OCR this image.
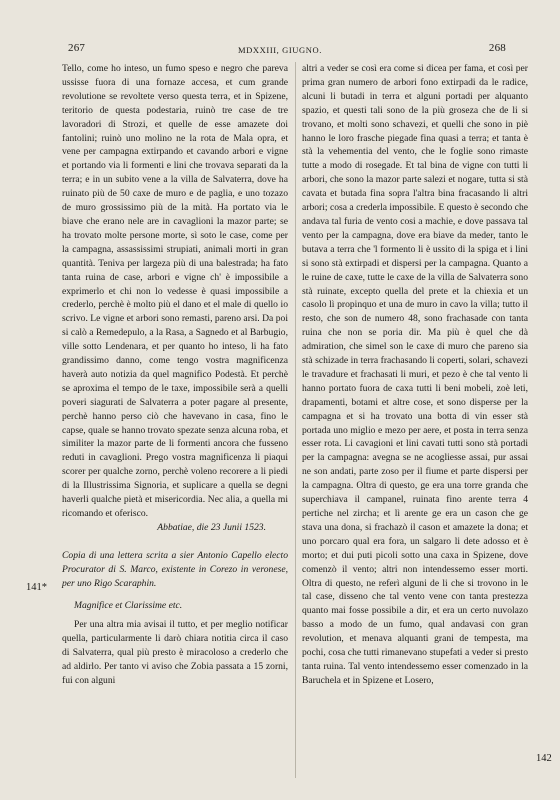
267	MDXXIII, GIUGNO.	268

Tello, come ho inteso, un fumo speso e negro che pareva ussisse fuora di una fornaze accesa, et cum grande revolutione se revoltete verso questa terra, et in Spizene, teritorio de questa podestaria, ruinò tre case de tre lavoradori di Strozi, et quelle de esse amazete doi fantolini; ruinò uno molino ne la rota de Mala opra, et vene per campagna extirpando et cavando arbori e vigne et portando via li formenti e lini che trovava separati da la terra; e in un subito vene a la villa de Salvaterra, dove ha ruinato più de 50 caxe de muro e de paglia, e uno tozazo de muro grossissimo più de la mità. Ha portato via le biave che erano nele are in cavaglioni la mazor parte; se ha trovato molte persone morte, sì soto le case, come per la campagna, assassissimi strupiati, animali morti in gran quantità. Teniva per largeza più di una balestrada; ha fato tanta ruina de case, arbori e vigne ch' è impossibile a exprimerlo et chi non lo vedesse è quasi impossibile a crederlo, perchè è molto più el dano et el male di quello io scrivo. Le vigne et arbori sono remasti, pareno arsi. Da poi si calò a Remedepulo, a la Rasa, a Sagnedo et al Barbugio, ville sotto Lendenara, et per quanto ho inteso, li ha fato grandissimo danno, come tengo vostra magnificenza haverà auto notizia da quel magnifico Podestà. Et perchè se aproxima el tempo de le taxe, impossibile serà a quelli poveri siagurati de Salvaterra a poter pagare al presente, perchè hanno perso ciò che havevano in casa, fino le capse, quale se hanno trovato spezate senza alcuna roba, et similiter la mazor parte de li formenti ancora che fusseno reduti in cavaglioni. Prego vostra magnificenza li piaqui scorer per qualche zorno, perchè voleno recorere a li piedi di la Illustrissima Signoria, et suplicare a quella se degni haverli qualche pietà et misericordia. Nec alia, a quella mi ricomando et oferisco.

Abbatiae, die 23 Junii 1523.

Copia di una lettera scrita a sier Antonio Capello electo Procurator di S. Marco, existente in Corezo in veronese, per uno Rigo Scaraphin.

Magnifice et Clarissime etc.

Per una altra mia avisai il tutto, et per meglio notificar quella, particularmente li darò chiara notitia circa il caso di Salvaterra, qual più presto è miracoloso a crederlo che ad aldirlo. Per tanto vi aviso che Zobia passata a 15 zorni, fui con alguni

altri a veder se così era come si dicea per fama, et così per prima gran numero de arbori fono extirpadi da le radice, alcuni li butadi in terra et alguni portadi per alquanto spazio, et questi tali sono de la più groseza che de li si trovano, et molti sono schavezi, et quelli che sono in piè hanno le loro frasche piegade fina quasi a terra; et tanta è stà la vehementia del vento, che le foglie sono rimaste tutte a modo di rosegade. Et tal bina de vigne con tutti li arbori, che sono la mazor parte salezi et nogare, tutta si stà cavata et butada fina sopra l'altra bina fracasando li altri arbori; cosa a crederla impossibile. E questo è secondo che andava tal furia de vento cosi a machie, e dove passava tal vento per la campagna, dove era biave da meder, tanto le butava a terra che 'l formento li è ussito di la spiga et i lini si sono stà extirpadi et dispersi per la campagna. Quanto a le ruine de caxe, tutte le caxe de la villa de Salvaterra sono stà ruinate, excepto quella del prete et la chiexia et un casolo lì propinquo et una de muro in cavo la villa; tutto il resto, che son de numero 48, sono frachasade con tanta ruina che non se poria dir. Ma più è quel che dà admiration, che simel son le caxe di muro che pareno sia stà schizade in terra frachasando li coperti, solari, schavezi le travadure et frachasati li muri, et pezo è che tal vento li hanno portato fuora de caxa tutti li beni mobeli, zoè leti, drapamenti, botami et altre cose, et sono disperse per la campagna et si ha trovato una botta di vin esser stà portada uno miglio e mezo per aere, et posta in terra senza esser rota. Li cavagioni et lini cavati tutti sono stà portadi per la campagna: avegna se ne acogliesse assai, pur assai ne son andati, parte zoso per il fiume et parte dispersi per la campagna. Oltra di questo, ge era una torre granda che superchiava il campanel, ruinata fino arente terra 4 pertiche nel zircha; et lì arente ge era un cason che ge stava una dona, si frachazò il cason et amazete la dona; et uno porcaro qual era fora, un salgaro li dete adosso et è morto; et dui puti picoli sotto una caxa in Spizene, dove comenzò il vento; altri non intendessemo esser morti. Oltra di questo, ne referì alguni de li che si trovono in le tal case, disseno che tal vento vene con tanta prestezza quanto mai fosse possibile a dir, et era un certo nuvolazo basso a modo de un fumo, qual andavasi con gran revolution, et menava alquanti grani de tempesta, ma pochi, cosa che tutti rimanevano stupefati a veder si presto tanta ruina. Tal vento intendessemo esser comenzado in la Baruchela et in Spizene et Losero,

141*
142
